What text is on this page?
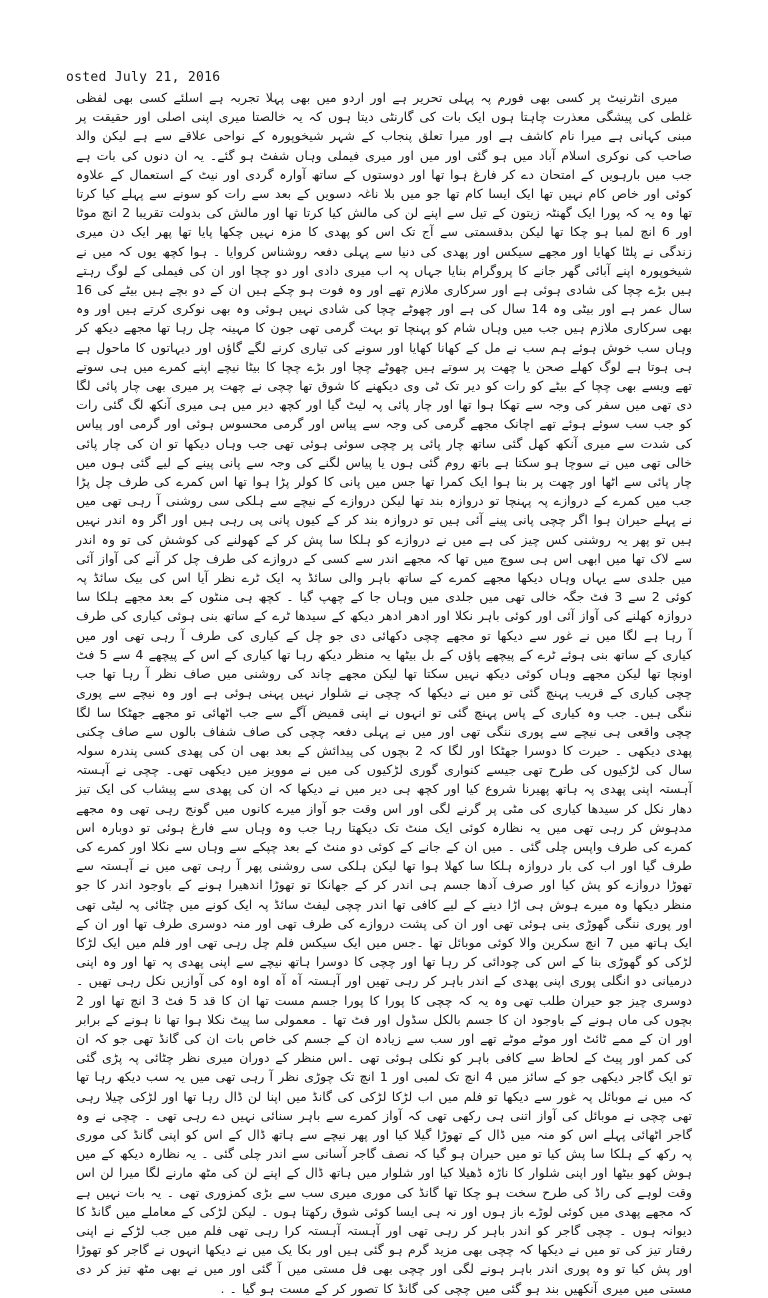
osted July 21, 2016

میری انٹرنیٹ پر کسی بھی فورم پہ پہلی تحریر ہے اور اردو میں بھی پہلا تجربہ ہے اسلئے کسی بھی لفظی غلطی کی پیشگی معذرت چاہتا ہوں ایک بات کی گارنٹی دیتا ہوں کہ یہ خالصتا میری اپنی اصلی اور حقیقت پر مبنی کہانی ہے میرا نام کاشف ہے اور میرا تعلق پنجاب کے شہر شیخوپورہ کے نواحی علاقے سے ہے لیکن والد صاحب کی نوکری اسلام آباد میں ہو گئی اور میں اور میری فیملی وہاں شفٹ ہو گئے۔ یہ ان دنوں کی بات ہے جب میں بارہویں کے امتحان دے کر فارغ ہوا تھا اور دوستوں کے ساتھ آوارہ گردی اور نیٹ کے استعمال کے علاوہ کوئی اور خاص کام نہیں تھا ایک ایسا کام تھا جو میں بلا ناغہ دسویں کے بعد سے رات کو سونے سے پہلے کیا کرتا تھا وہ یہ کہ پورا ایک گھنٹہ زیتون کے تیل سے اپنے لن کی مالش کیا کرتا تھا اور مالش کی بدولت تقریبا 2 انچ موٹا اور 6 انچ لمبا ہو چکا تھا لیکن بدقسمتی سے آج تک اس کو پھدی کا مزہ نہیں چکھا پایا تھا پھر ایک دن میری زندگی نے پلٹا کھایا اور مجھے سیکس اور پھدی کی دنیا سے پہلی دفعہ روشناس کروایا ۔ ہوا کچھ یوں کہ میں نے شیخوپورہ اپنے آبائی گھر جانے کا پروگرام بنایا جہاں پہ اب میری دادی اور دو چچا اور ان کی فیملی کے لوگ رہتے ہیں بڑے چچا کی شادی ہوئی ہے اور سرکاری ملازم تھے اور وہ فوت ہو چکے ہیں ان کے دو بچے ہیں بیٹے کی 16 سال عمر ہے اور بیٹی وہ 14 سال کی ہے اور چھوٹے چچا کی شادی نہیں ہوئی وہ بھی نوکری کرتے ہیں اور وہ بھی سرکاری ملازم ہیں جب میں وہاں شام کو پہنچا تو بہت گرمی تھی جون کا مہینہ چل رہا تھا مجھے دیکھ کر وہاں سب خوش ہوئے ہم سب نے مل کے کھانا کھایا اور سونے کی تیاری کرنے لگے گاؤں اور دیہاتوں کا ماحول ہے ہی ہوتا ہے لوگ کھلے صحن یا چھت پر سوتے ہیں چھوٹے چچا اور بڑے چچا کا بیٹا نیچے اپنے کمرے میں ہی سوتے تھے ویسے بھی چچا کے بیٹے کو رات کو دیر تک ٹی وی دیکھنے کا شوق تھا چچی نے چھت پر میری بھی چار پائی لگا دی تھی میں سفر کی وجہ سے تھکا ہوا تھا اور چار پائی پہ لیٹ گیا اور کچھ دیر میں ہی میری آنکھ لگ گئی رات کو جب سب سوئے ہوئے تھے اچانک مجھے گرمی کی وجہ سے پیاس اور گرمی محسوس ہوئی اور گرمی اور پیاس کی شدت سے میری آنکھ کھل گئی ساتھ چار پائی پر چچی سوئی ہوئی تھی جب وہاں دیکھا تو ان کی چار پائی خالی تھی میں نے سوچا ہو سکتا ہے باتھ روم گئی ہوں یا پیاس لگنے کی وجہ سے پانی پینے کے لیے گئی ہوں میں چار پائی سے اٹھا اور چھت پر بنا ہوا ایک کمرا تھا جس میں پانی کا کولر پڑا ہوا تھا اس کمرے کی طرف چل پڑا جب میں کمرے کے دروازے پہ پہنچا تو دروازہ بند تھا لیکن دروازے کے نیچے سے ہلکی سی روشنی آ رہی تھی میں نے پہلے حیران ہوا اگر چچی پانی پینے آئی ہیں تو دروازہ بند کر کے کیوں پانی پی رہی ہیں اور اگر وہ اندر نہیں ہیں تو پھر یہ روشنی کس چیز کی ہے میں نے دروازے کو ہلکا سا پش کر کے کھولنے کی کوشش کی تو وہ اندر سے لاک تھا میں ابھی اس ہی سوچ میں تھا کہ مجھے اندر سے کسی کے دروازے کی طرف چل کر آنے کی آواز آئی میں جلدی سے یہاں وہاں دیکھا مجھے کمرے کے ساتھ باہر والی سائڈ پہ ایک ٹرے نظر آیا اس کی بیک سائڈ پہ کوئی 2 سے 3 فٹ جگہ خالی تھی میں جلدی میں وہاں جا کے چھپ گیا ۔ کچھ ہی منٹوں کے بعد مجھے ہلکا سا دروازہ کھلنے کی آواز آئی اور کوئی باہر نکلا اور ادھر ادھر دیکھ کے سیدھا ٹرے کے ساتھ بنی ہوئی کیاری کی طرف آ رہا ہے لگا میں نے غور سے دیکھا تو مجھے چچی دکھائی دی جو چل کے کیاری کی طرف آ رہی تھی اور میں کیاری کے ساتھ بنی ہوئے ٹرے کے پیچھے پاؤں کے بل بیٹھا یہ منظر دیکھ رہا تھا کیاری کے اس کے پیچھے 4 سے 5 فٹ اونچا تھا لیکن مجھے وہاں کوئی دیکھ نہیں سکتا تھا لیکن مجھے چاند کی روشنی میں صاف نظر آ رہا تھا جب چچی کیاری کے قریب پہنچ گئی تو میں نے دیکھا کہ چچی نے شلوار نہیں پہنی ہوئی ہے اور وہ نیچے سے پوری ننگی ہیں۔ جب وہ کیاری کے پاس پہنچ گئی تو انہوں نے اپنی قمیض آگے سے جب اٹھائی تو مجھے جھٹکا سا لگا چچی واقعی ہی نیچے سے پوری ننگی تھی اور میں نے پہلی دفعہ چچی کی صاف شفاف بالوں سے صاف چکنی پھدی دیکھی ۔ حیرت کا دوسرا جھٹکا اور لگا کہ 2 بچوں کی پیدائش کے بعد بھی ان کی پھدی کسی پندرہ سولہ سال کی لڑکیوں کی طرح تھی جیسے کنواری گوری لڑکیوں کی میں نے موویز میں دیکھی تھی۔ چچی نے آہستہ آہستہ اپنی پھدی پہ ہاتھ پھیرنا شروع کیا اور کچھ ہی دیر میں نے دیکھا کہ ان کی پھدی سے پیشاب کی ایک تیز دھار نکل کر سیدھا کیاری کی مٹی پر گرنے لگی اور اس وقت جو آواز میرے کانوں میں گونج رہی تھی وہ مجھے مدہوش کر رہی تھی میں یہ نظارہ کوئی ایک منٹ تک دیکھتا رہا جب وہ وہاں سے فارغ ہوئی تو دوبارہ اس کمرے کی طرف واپس چلی گئی ۔ میں ان کے جانے کے کوئی دو منٹ کے بعد چپکے سے وہاں سے نکلا اور کمرے کی طرف گیا اور اب کی بار دروازہ ہلکا سا کھلا ہوا تھا لیکن ہلکی سی روشنی پھر آ رہی تھی میں نے آہستہ سے تھوڑا دروازے کو پش کیا اور صرف آدھا جسم ہی اندر کر کے جھانکا تو تھوڑا اندھیرا ہونے کے باوجود اندر کا جو منظر دیکھا وہ میرے ہوش ہی اڑا دینے کے لیے کافی تھا اندر چچی لیفٹ سائڈ پہ ایک کونے میں چٹائی پہ لیٹی تھی اور پوری ننگی گھوڑی بنی ہوئی تھی اور ان کی پشت دروازے کی طرف تھی اور منہ دوسری طرف تھا اور ان کے ایک ہاتھ میں 7 انچ سکرین والا کوئی موبائل تھا ۔جس میں ایک سیکس فلم چل رہی تھی اور فلم میں ایک لڑکا لڑکی کو گھوڑی بنا کے اس کی چودائی کر رہا تھا اور چچی کا دوسرا ہاتھ نیچے سے اپنی پھدی پہ تھا اور وہ اپنی درمیانی دو انگلی پوری اپنی پھدی کے اندر باہر کر رہی تھیں اور آہستہ آہ آہ اوہ اوہ کی آوازیں نکل رہی تھیں ۔ دوسری چیز جو حیران طلب تھی وہ یہ کہ چچی کا پورا کا پورا جسم مست تھا ان کا قد 5 فٹ 3 انچ تھا اور 2 بچوں کی ماں ہونے کے باوجود ان کا جسم بالکل سڈول اور فٹ تھا ۔ معمولی سا پیٹ نکلا ہوا تھا نا ہونے کے برابر اور ان کے ممے ٹائٹ اور موٹے موٹے تھے اور سب سے زیادہ ان کے جسم کی خاص بات ان کی گانڈ تھی جو کہ ان کی کمر اور پیٹ کے لحاظ سے کافی باہر کو نکلی ہوئی تھی ۔اس منظر کے دوران میری نظر چٹائی پہ پڑی گئی تو ایک گاجر دیکھی جو کے سائز میں 4 انچ تک لمبی اور 1 انچ تک چوڑی نظر آ رہی تھی میں یہ سب دیکھ رہا تھا کہ میں نے موبائل پہ غور سے دیکھا تو فلم میں اب لڑکا لڑکی کی گانڈ میں اپنا لن ڈال رہا تھا اور لڑکی چیلا رہی تھی چچی نے موبائل کی آواز اتنی ہی رکھی تھی کہ آواز کمرے سے باہر سنائی نہیں دے رہی تھی ۔ چچی نے وہ گاجر اٹھائی پہلے اس کو منہ میں ڈال کے تھوڑا گیلا کیا اور پھر نیچے سے ہاتھ ڈال کے اس کو اپنی گانڈ کی موری پہ رکھ کے ہلکا سا پش کیا تو میں حیران ہو گیا کہ نصف گاجر آسانی سے اندر چلی گئی ۔ یہ نظارہ دیکھ کے میں ہوش کھو بیٹھا اور اپنی شلوار کا ناڑہ ڈھیلا کیا اور شلوار میں ہاتھ ڈال کے اپنے لن کی مٹھ مارنے لگا میرا لن اس وقت لوہے کی راڈ کی طرح سخت ہو چکا تھا گانڈ کی موری میری سب سے بڑی کمزوری تھی ۔ یہ بات نہیں ہے کہ مجھے پھدی میں کوئی لوڑے باز ہوں اور نہ ہی ایسا کوئی شوق رکھتا ہوں ۔ لیکن لڑکی کے معاملے میں گانڈ کا دیوانہ ہوں ۔ چچی گاجر کو اندر باہر کر رہی تھی اور آہستہ آہستہ کرا رہی تھی فلم میں جب لڑکے نے اپنی رفتار تیز کی تو میں نے دیکھا کہ چچی بھی مزید گرم ہو گئی ہیں اور بکا یک میں نے دیکھا انہوں نے گاجر کو تھوڑا اور پش کیا تو وہ پوری اندر باہر ہونے لگی اور چچی بھی فل مستی میں آ گئی اور میں نے بھی مٹھ تیز کر دی مستی میں میری آنکھیں بند ہو گئی میں چچی کی گانڈ کا تصور کر کے مست ہو گیا ۔ .
